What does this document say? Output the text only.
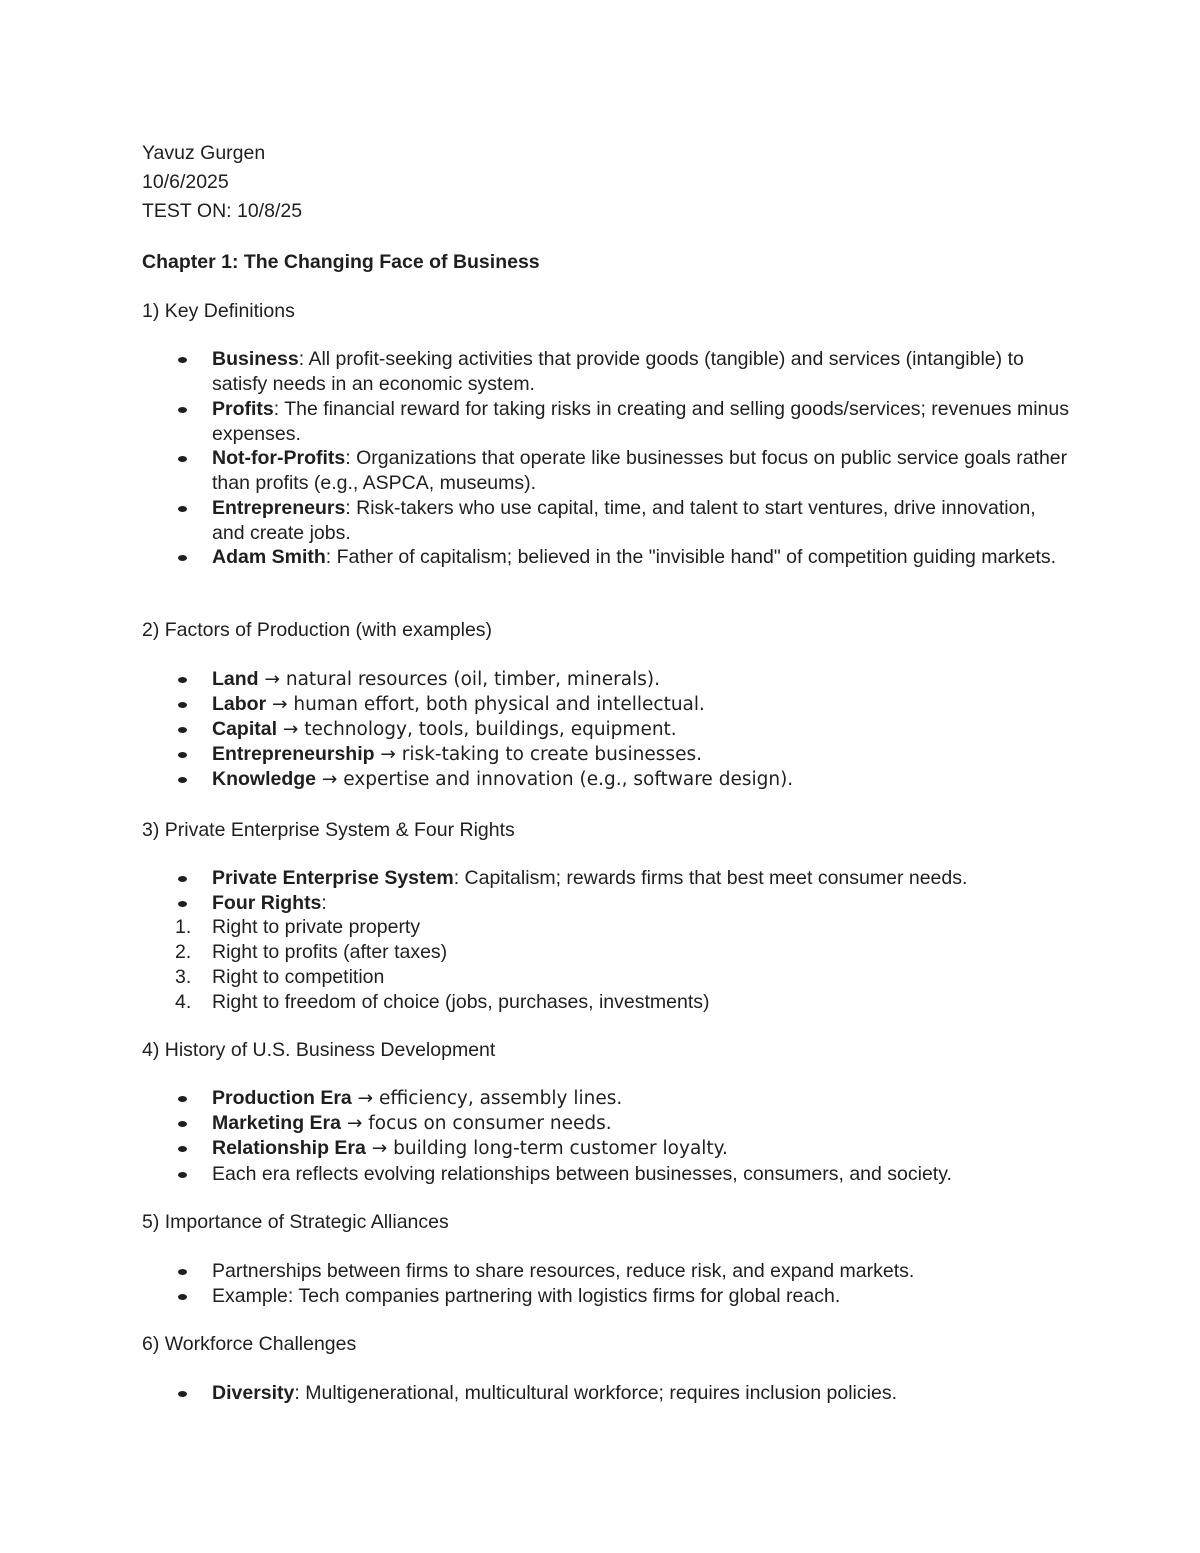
Yavuz Gurgen
10/6/2025
TEST ON: 10/8/25
Chapter 1: The Changing Face of Business
1) Key Definitions
Business: All profit-seeking activities that provide goods (tangible) and services (intangible) to satisfy needs in an economic system.
Profits: The financial reward for taking risks in creating and selling goods/services; revenues minus expenses.
Not-for-Profits: Organizations that operate like businesses but focus on public service goals rather than profits (e.g., ASPCA, museums).
Entrepreneurs: Risk-takers who use capital, time, and talent to start ventures, drive innovation, and create jobs.
Adam Smith: Father of capitalism; believed in the "invisible hand" of competition guiding markets.
2) Factors of Production (with examples)
Land → natural resources (oil, timber, minerals).
Labor → human effort, both physical and intellectual.
Capital → technology, tools, buildings, equipment.
Entrepreneurship → risk-taking to create businesses.
Knowledge → expertise and innovation (e.g., software design).
3) Private Enterprise System & Four Rights
Private Enterprise System: Capitalism; rewards firms that best meet consumer needs.
Four Rights:
1.	Right to private property
2.	Right to profits (after taxes)
3.	Right to competition
4.	Right to freedom of choice (jobs, purchases, investments)
4) History of U.S. Business Development
Production Era → efficiency, assembly lines.
Marketing Era → focus on consumer needs.
Relationship Era → building long-term customer loyalty.
Each era reflects evolving relationships between businesses, consumers, and society.
5) Importance of Strategic Alliances
Partnerships between firms to share resources, reduce risk, and expand markets.
Example: Tech companies partnering with logistics firms for global reach.
6) Workforce Challenges
Diversity: Multigenerational, multicultural workforce; requires inclusion policies.
